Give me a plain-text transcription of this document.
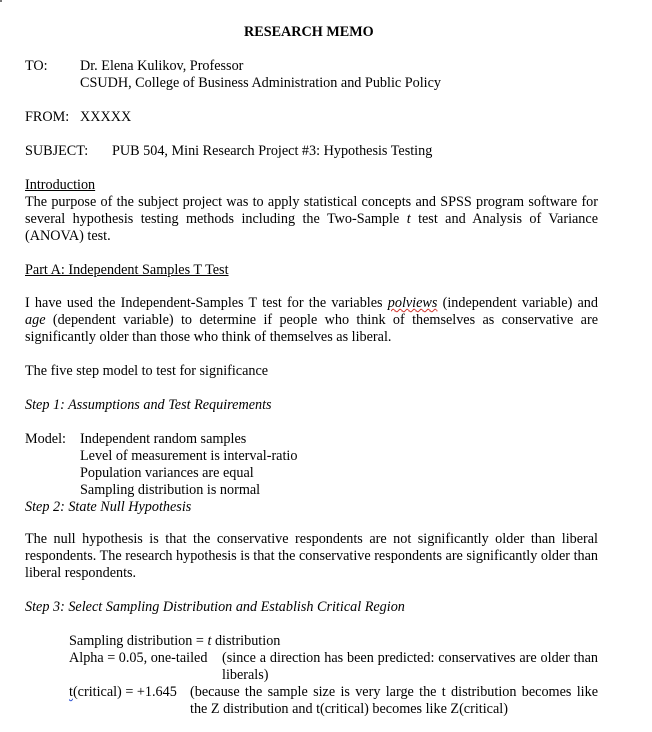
RESEARCH MEMO
TO: Dr. Elena Kulikov, Professor
CSUDH, College of Business Administration and Public Policy
FROM: XXXXX
SUBJECT: PUB 504, Mini Research Project #3: Hypothesis Testing
Introduction
The purpose of the subject project was to apply statistical concepts and SPSS program software for several hypothesis testing methods including the Two-Sample t test and Analysis of Variance (ANOVA) test.
Part A: Independent Samples T Test
I have used the Independent-Samples T test for the variables polviews (independent variable) and age (dependent variable) to determine if people who think of themselves as conservative are significantly older than those who think of themselves as liberal.
The five step model to test for significance
Step 1: Assumptions and Test Requirements
Model: Independent random samples
Level of measurement is interval-ratio
Population variances are equal
Sampling distribution is normal
Step 2: State Null Hypothesis
The null hypothesis is that the conservative respondents are not significantly older than liberal respondents. The research hypothesis is that the conservative respondents are significantly older than liberal respondents.
Step 3: Select Sampling Distribution and Establish Critical Region
Sampling distribution = t distribution
Alpha = 0.05, one-tailed (since a direction has been predicted: conservatives are older than liberals)
t(critical) = +1.645 (because the sample size is very large the t distribution becomes like the Z distribution and t(critical) becomes like Z(critical)
